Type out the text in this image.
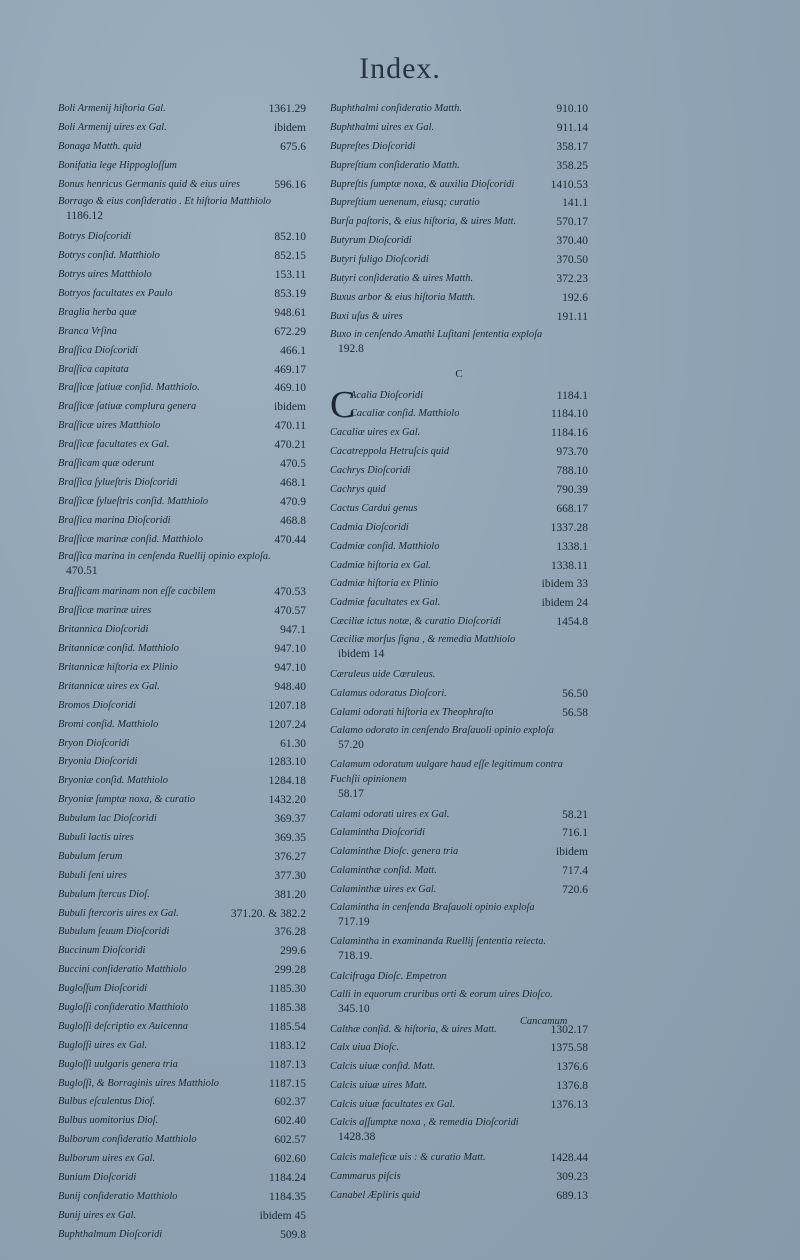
Index.
Boli Armenij hiſtoria Gal.	1361.29
Boli Armenij uires ex Gal.	ibidem
Bonaga Matth. quid	675.6
Bonifatia lege Hippogloſſum
Bonus henricus Germanis quid & eius uires	596.16
Borrago & eius conſideratio . Et hiſtoria Matthiolo
1186.12
Botrys Dioſcoridi	852.10
Botrys conſid. Matthiolo	852.15
Botrys uires Matthiolo	153.11
Botryos facultates ex Paulo	853.19
Braglia herba quæ	948.61
Branca Vrſina	672.29
Braſſica Dioſcoridi	466.1
Braſſica capitata	469.17
Braſſicæ ſatiuæ conſid. Matthiolo.	469.10
Braſſicæ ſatiuæ complura genera	ibidem
Braſſicæ uires Matthiolo	470.11
Braſſicæ facultates ex Gal.	470.21
Braſſicam quæ oderunt	470.5
Braſſica ſylueſtris Dioſcoridi	468.1
Braſſicæ ſylueſtris conſid. Matthiolo	470.9
Braſſica marina Dioſcoridi	468.8
Braſſicæ marinæ conſid. Matthiolo	470.44
Braſſica marina in cenſenda Ruellij opinio exploſa.
470.51
Braſſicam marinam non eſſe cacbilem	470.53
Braſſicæ marinæ uires	470.57
Britannica Dioſcoridi	947.1
Britannicæ conſid. Matthiolo	947.10
Britannicæ hiſtoria ex Plinio	947.10
Britannicæ uires ex Gal.	948.40
Bromos Dioſcoridi	1207.18
Bromi conſid. Matthiolo	1207.24
Bryon Dioſcoridi	61.30
Bryonia Dioſcoridi	1283.10
Bryoniæ conſid. Matthiolo	1284.18
Bryoniæ ſumptæ noxa, & curatio	1432.20
Bubulum lac Dioſcoridi	369.37
Bubuli lactis uires	369.35
Bubulum ſerum	376.27
Bubuli ſeni uires	377.30
Bubulum ſtercus Dioſ.	381.20
Bubuli ſtercoris uires ex Gal.	371.20. & 382.2
Bubulum ſeuum Dioſcoridi	376.28
Buccinum Dioſcoridi	299.6
Buccini conſideratio Matthiolo	299.28
Bugloſſum Dioſcoridi	1185.30
Bugloſſi conſideratio Matthiolo	1185.38
Bugloſſi deſcriptio ex Auicenna	1185.54
Bugloſſi uires ex Gal.	1183.12
Bugloſſi uulgaris genera tria	1187.13
Bugloſſi, & Borraginis uires Matthiolo	1187.15
Bulbus eſculentus Dioſ.	602.37
Bulbus uomitorius Dioſ.	602.40
Bulborum conſideratio Matthiolo	602.57
Bulborum uires ex Gal.	602.60
Bunium Dioſcoridi	1184.24
Bunij conſideratio Matthiolo	1184.35
Bunij uires ex Gal.	ibidem 45
Buphthalmum Dioſcoridi	509.8
Buphthalmi conſideratio Matth.	910.10
Buphthalmi uires ex Gal.	911.14
Bupreſtes Dioſcoridi	358.17
Bupreſtium conſideratio Matth.	358.25
Bupreſtis ſumptæ noxa, & auxilia Dioſcoridi	1410.53
Bupreſtium uenenum, eiusq; curatio	141.1
Burſa paſtoris, & eius hiſtoria, & uires Matt.	570.17
Butyrum Dioſcoridi	370.40
Butyri fuligo Dioſcoridi	370.50
Butyri conſideratio & uires Matth.	372.23
Buxus arbor & eius hiſtoria Matth.	192.6
Buxi uſus & uires	191.11
Buxo in cenſendo Amathi Luſitani ſententia exploſa
192.8
C
C
Acalia Dioſcoridi	1184.1
Cacaliæ conſid. Matthiolo	1184.10
Cacaliæ uires ex Gal.	1184.16
Cacatreppola Hetruſcis quid	973.70
Cachrys Dioſcoridi	788.10
Cachrys quid	790.39
Cactus Cardui genus	668.17
Cadmia Dioſcoridi	1337.28
Cadmiæ conſid. Matthiolo	1338.1
Cadmiæ hiſtoria ex Gal.	1338.11
Cadmiæ hiſtoria ex Plinio	ibidem 33
Cadmiæ facultates ex Gal.	ibidem 24
Cæciliæ ictus notæ, & curatio Dioſcoridi	1454.8
Cæciliæ morſus ſigna , & remedia Matthiolo
ibidem 14
Cæruleus uide Cœruleus.
Calamus odoratus Dioſcori.	56.50
Calami odorati hiſtoria ex Theophraſto	56.58
Calamo odorato in cenſendo Braſauoli opinio exploſa
57.20
Calamum odoratum uulgare haud eſſe legitimum contra Fuchſii opinionem
58.17
Calami odorati uires ex Gal.	58.21
Calamintha Dioſcoridi	716.1
Calaminthæ Dioſc. genera tria	ibidem
Calaminthæ conſid. Matt.	717.4
Calaminthæ uires ex Gal.	720.6
Calamintha in cenſenda Braſauoli opinio exploſa
717.19
Calamintha in examinanda Ruellij ſententia reiecta.
718.19.
Calcifraga Dioſc. Empetron
Calli in equorum cruribus orti & eorum uires Dioſco.
345.10
Calthæ conſid. & hiſtoria, & uires Matt.	1302.17
Calx uiua Dioſc.	1375.58
Calcis uiuæ conſid. Matt.	1376.6
Calcis uiuæ uires Matt.	1376.8
Calcis uiuæ facultates ex Gal.	1376.13
Calcis aſſumptæ noxa , & remedia Dioſcoridi
1428.38
Calcis maleficæ uis : & curatio Matt.	1428.44
Cammarus piſcis	309.23
Canabel Æpliris quid	689.13
Cancamum
